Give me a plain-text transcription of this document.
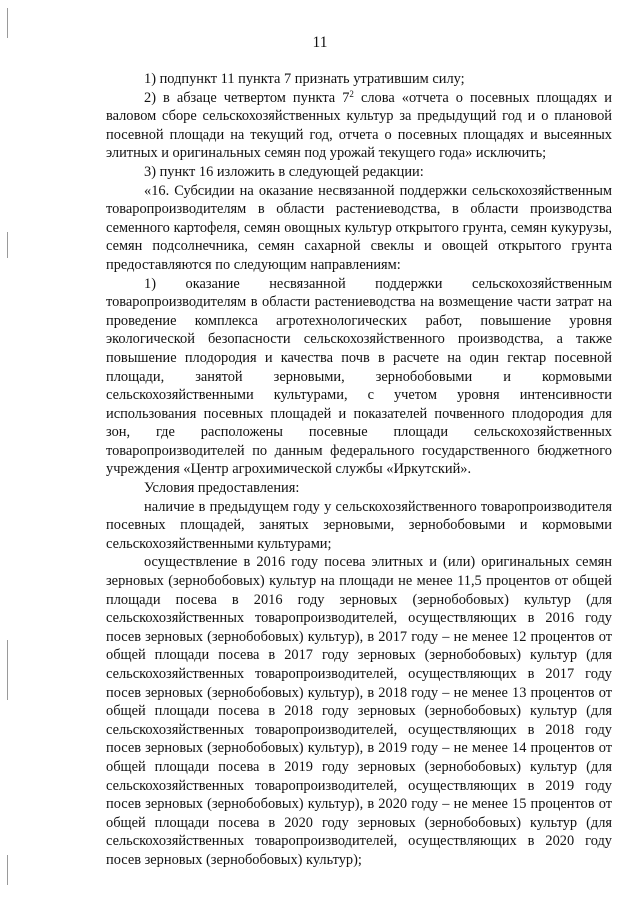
11

1) подпункт 11 пункта 7 признать утратившим силу;

2) в абзаце четвертом пункта $7^2$ слова «отчета о посевных площадях и валовом сборе сельскохозяйственных культур за предыдущий год и о плановой посевной площади на текущий год, отчета о посевных площадях и высеянных элитных и оригинальных семян под урожай текущего года» исключить;

3) пункт 16 изложить в следующей редакции:

«16. Субсидии на оказание несвязанной поддержки сельскохозяйственным товаропроизводителям в области растениеводства, в области производства семенного картофеля, семян овощных культур открытого грунта, семян кукурузы, семян подсолнечника, семян сахарной свеклы и овощей открытого грунта предоставляются по следующим направлениям:

1) оказание несвязанной поддержки сельскохозяйственным товаропроизводителям в области растениеводства на возмещение части затрат на проведение комплекса агротехнологических работ, повышение уровня экологической безопасности сельскохозяйственного производства, а также повышение плодородия и качества почв в расчете на один гектар посевной площади, занятой зерновыми, зернобобовыми и кормовыми сельскохозяйственными культурами, с учетом уровня интенсивности использования посевных площадей и показателей почвенного плодородия для зон, где расположены посевные площади сельскохозяйственных товаропроизводителей по данным федерального государственного бюджетного учреждения «Центр агрохимической службы «Иркутский».

Условия предоставления:

наличие в предыдущем году у сельскохозяйственного товаропроизводителя посевных площадей, занятых зерновыми, зернобобовыми и кормовыми сельскохозяйственными культурами;

осуществление в 2016 году посева элитных и (или) оригинальных семян зерновых (зернобобовых) культур на площади не менее 11,5 процентов от общей площади посева в 2016 году зерновых (зернобобовых) культур (для сельскохозяйственных товаропроизводителей, осуществляющих в 2016 году посев зерновых (зернобобовых) культур), в 2017 году – не менее 12 процентов от общей площади посева в 2017 году зерновых (зернобобовых) культур (для сельскохозяйственных товаропроизводителей, осуществляющих в 2017 году посев зерновых (зернобобовых) культур), в 2018 году – не менее 13 процентов от общей площади посева в 2018 году зерновых (зернобобовых) культур (для сельскохозяйственных товаропроизводителей, осуществляющих в 2018 году посев зерновых (зернобобовых) культур), в 2019 году – не менее 14 процентов от общей площади посева в 2019 году зерновых (зернобобовых) культур (для сельскохозяйственных товаропроизводителей, осуществляющих в 2019 году посев зерновых (зернобобовых) культур), в 2020 году – не менее 15 процентов от общей площади посева в 2020 году зерновых (зернобобовых) культур (для сельскохозяйственных товаропроизводителей, осуществляющих в 2020 году посев зерновых (зернобобовых) культур);
